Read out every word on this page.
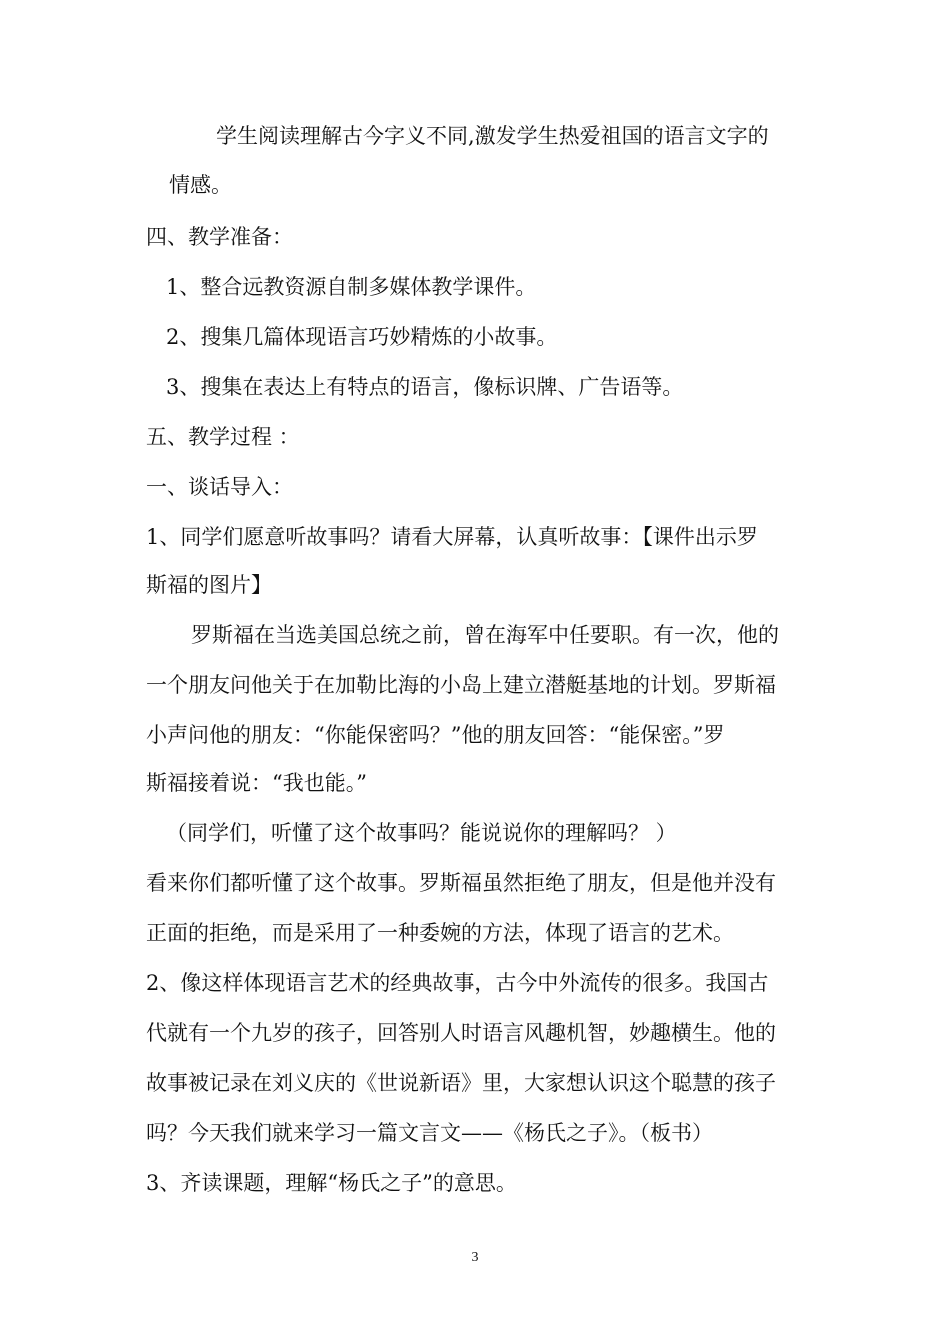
学生阅读理解古今字义不同,激发学生热爱祖国的语言文字的
情感。
四、教学准备：
1、整合远教资源自制多媒体教学课件。
2、搜集几篇体现语言巧妙精炼的小故事。
3、搜集在表达上有特点的语言，像标识牌、广告语等。
五、教学过程 ：
一、谈话导入：
1、同学们愿意听故事吗？请看大屏幕，认真听故事：【课件出示罗
斯福的图片】
罗斯福在当选美国总统之前，曾在海军中任要职。有一次，他的
一个朋友问他关于在加勒比海的小岛上建立潜艇基地的计划。罗斯福
小声问他的朋友：“你能保密吗？”他的朋友回答：“能保密。”罗
斯福接着说：“我也能。”
（同学们，听懂了这个故事吗？能说说你的理解吗？ ）
看来你们都听懂了这个故事。罗斯福虽然拒绝了朋友，但是他并没有
正面的拒绝，而是采用了一种委婉的方法，体现了语言的艺术。
2、像这样体现语言艺术的经典故事，古今中外流传的很多。我国古
代就有一个九岁的孩子，回答别人时语言风趣机智，妙趣横生。他的
故事被记录在刘义庆的《世说新语》里，大家想认识这个聪慧的孩子
吗？今天我们就来学习一篇文言文——《杨氏之子》。（板书）
3、齐读课题，理解“杨氏之子”的意思。
3
